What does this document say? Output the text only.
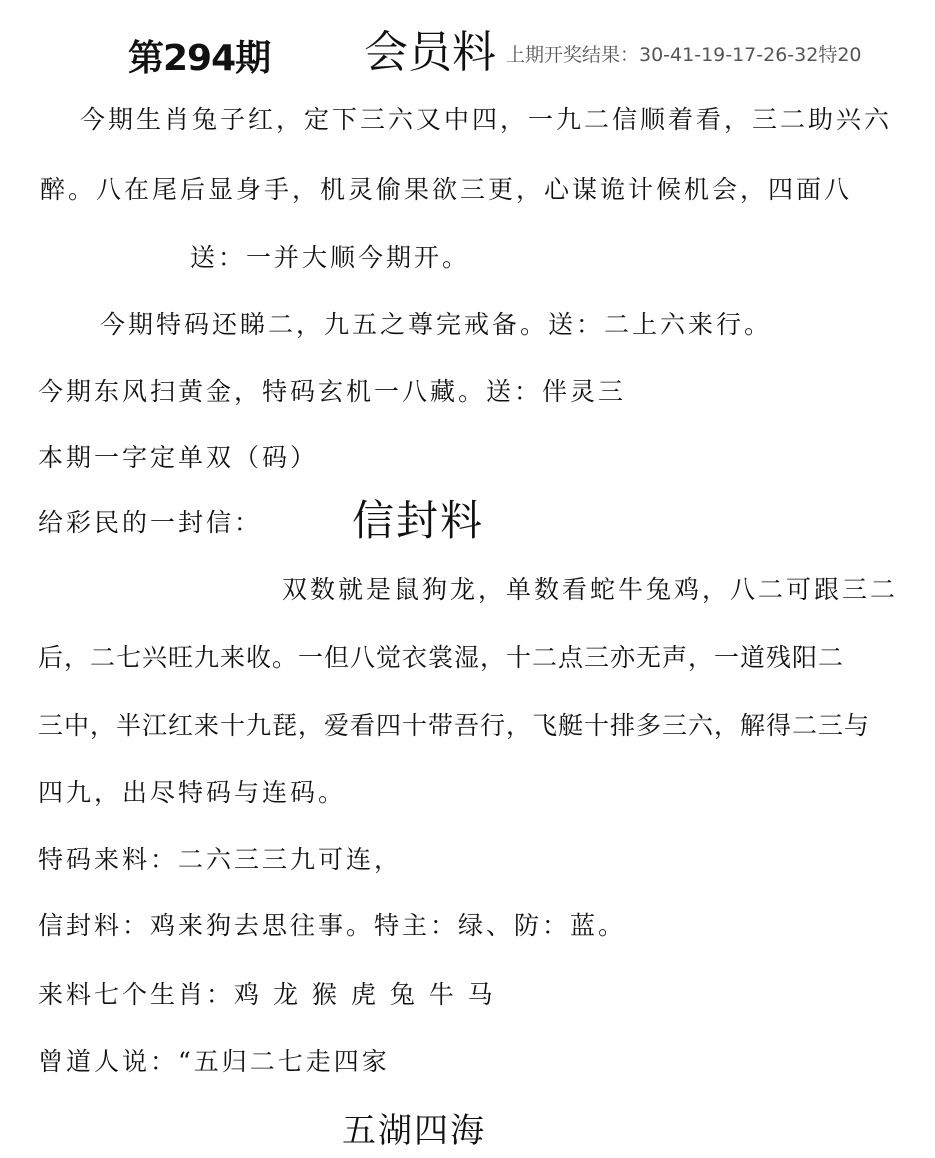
第294期 会员料 上期开奖结果：30-41-19-17-26-32特20
今期生肖兔子红，定下三六又中四，一九二信顺着看，三二助兴六
醉。八在尾后显身手，机灵偷果欲三更，心谋诡计候机会，四面八
送：一并大顺今期开。
今期特码还睇二，九五之尊完戒备。送：二上六来行。
今期东风扫黄金，特码玄机一八藏。送：伴灵三
本期一字定单双（码）
给彩民的一封信： 信封料
双数就是鼠狗龙，单数看蛇牛兔鸡，八二可跟三二
后，二七兴旺九来收。一但八觉衣裳湿，十二点三亦无声，一道残阳二
三中，半江红来十九琵，爱看四十带吾行，飞艇十排多三六，解得二三与
四九，出尽特码与连码。
特码来料：二六三三九可连，
信封料：鸡来狗去思往事。特主：绿、防：蓝。
来料七个生肖：鸡 龙 猴 虎 兔 牛 马
曾道人说：“五归二七走四家
五湖四海
